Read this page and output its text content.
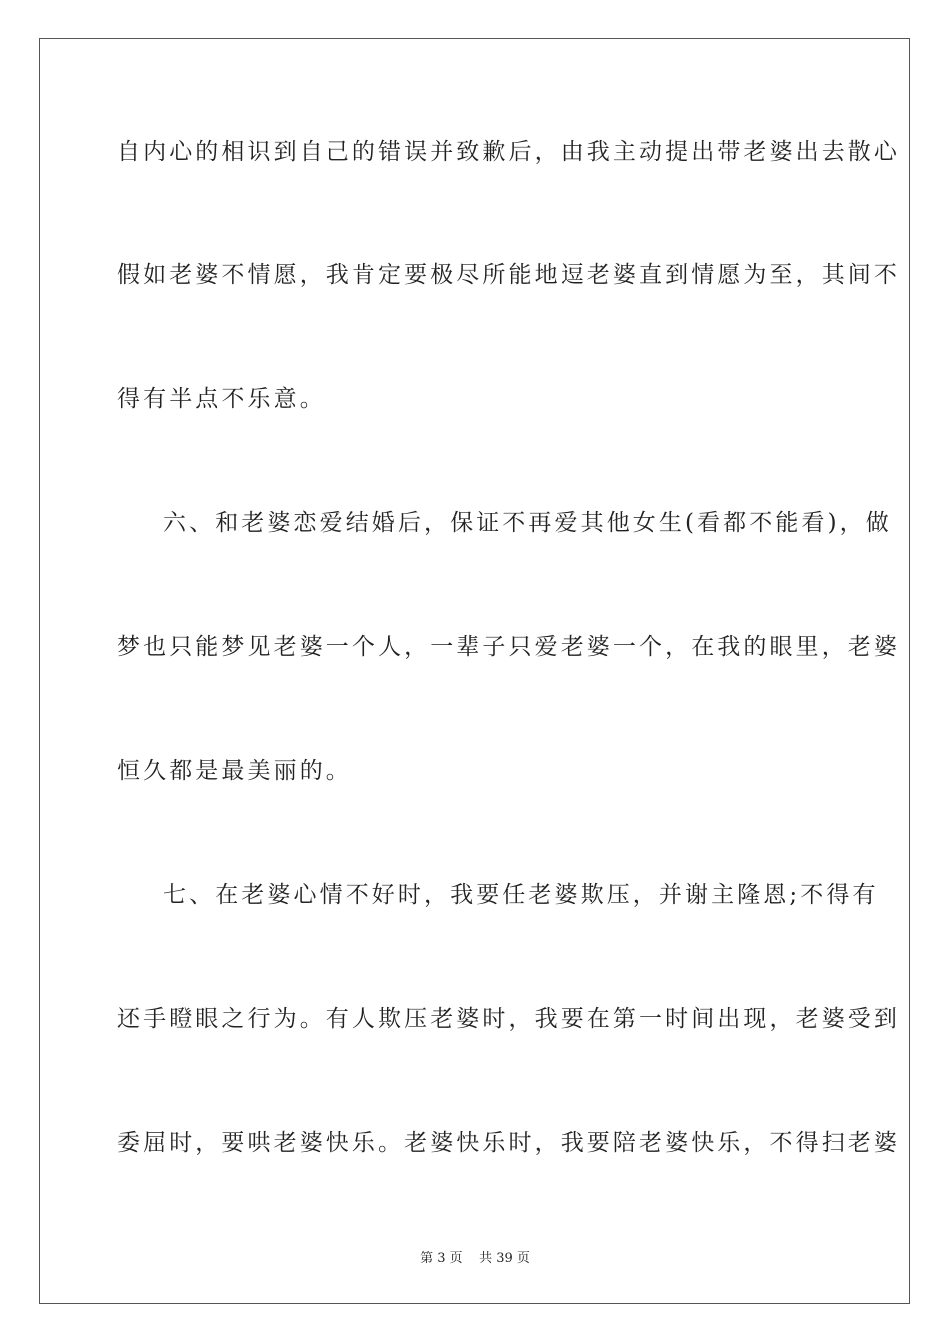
自内心的相识到自己的错误并致歉后，由我主动提出带老婆出去散心
假如老婆不情愿，我肯定要极尽所能地逗老婆直到情愿为至，其间不
得有半点不乐意。
六、和老婆恋爱结婚后，保证不再爱其他女生(看都不能看)，做
梦也只能梦见老婆一个人，一辈子只爱老婆一个，在我的眼里，老婆
恒久都是最美丽的。
七、在老婆心情不好时，我要任老婆欺压，并谢主隆恩;不得有
还手瞪眼之行为。有人欺压老婆时，我要在第一时间出现，老婆受到
委屈时，要哄老婆快乐。老婆快乐时，我要陪老婆快乐，不得扫老婆
第 3 页    共 39 页
